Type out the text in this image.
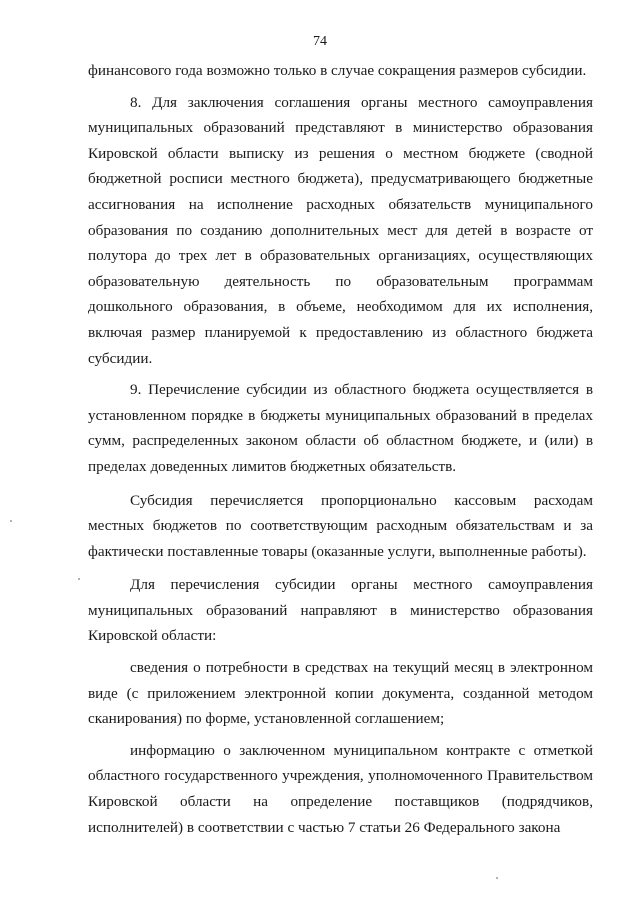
74

финансового года возможно только в случае сокращения размеров субсидии.

8. Для заключения соглашения органы местного самоуправления муниципальных образований представляют в министерство образования Кировской области выписку из решения о местном бюджете (сводной бюджетной росписи местного бюджета), предусматривающего бюджетные ассигнования на исполнение расходных обязательств муниципального образования по созданию дополнительных мест для детей в возрасте от полутора до трех лет в образовательных организациях, осуществляющих образовательную деятельность по образовательным программам дошкольного образования, в объеме, необходимом для их исполнения, включая размер планируемой к предоставлению из областного бюджета субсидии.

9. Перечисление субсидии из областного бюджета осуществляется в установленном порядке в бюджеты муниципальных образований в пределах сумм, распределенных законом области об областном бюджете, и (или) в пределах доведенных лимитов бюджетных обязательств.

Субсидия перечисляется пропорционально кассовым расходам местных бюджетов по соответствующим расходным обязательствам и за фактически поставленные товары (оказанные услуги, выполненные работы).

Для перечисления субсидии органы местного самоуправления муниципальных образований направляют в министерство образования Кировской области:

сведения о потребности в средствах на текущий месяц в электронном виде (с приложением электронной копии документа, созданной методом сканирования) по форме, установленной соглашением;

информацию о заключенном муниципальном контракте с отметкой областного государственного учреждения, уполномоченного Правительством Кировской области на определение поставщиков (подрядчиков, исполнителей) в соответствии с частью 7 статьи 26 Федерального закона
